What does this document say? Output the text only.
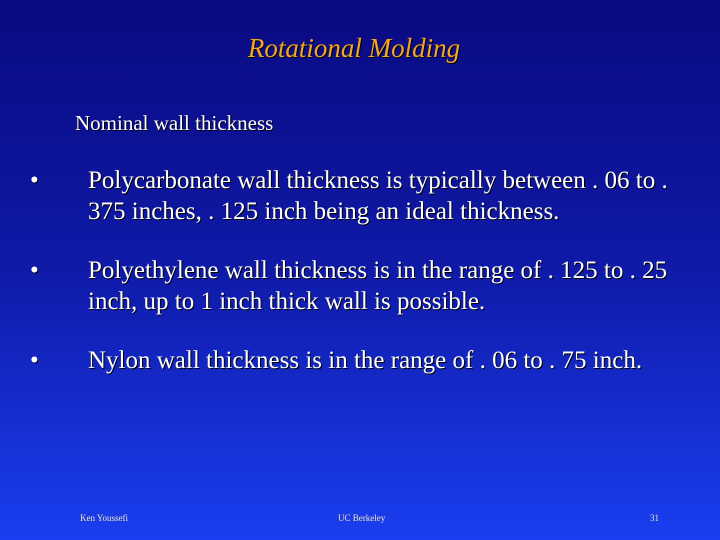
Rotational Molding
Nominal wall thickness
• Polycarbonate wall thickness is typically between . 06 to . 375 inches, . 125 inch being an ideal thickness.
• Polyethylene wall thickness is in the range of . 125 to . 25 inch, up to 1 inch thick wall is possible.
• Nylon wall thickness is in the range of . 06 to . 75 inch.
Ken Youssefi	UC Berkeley	31
